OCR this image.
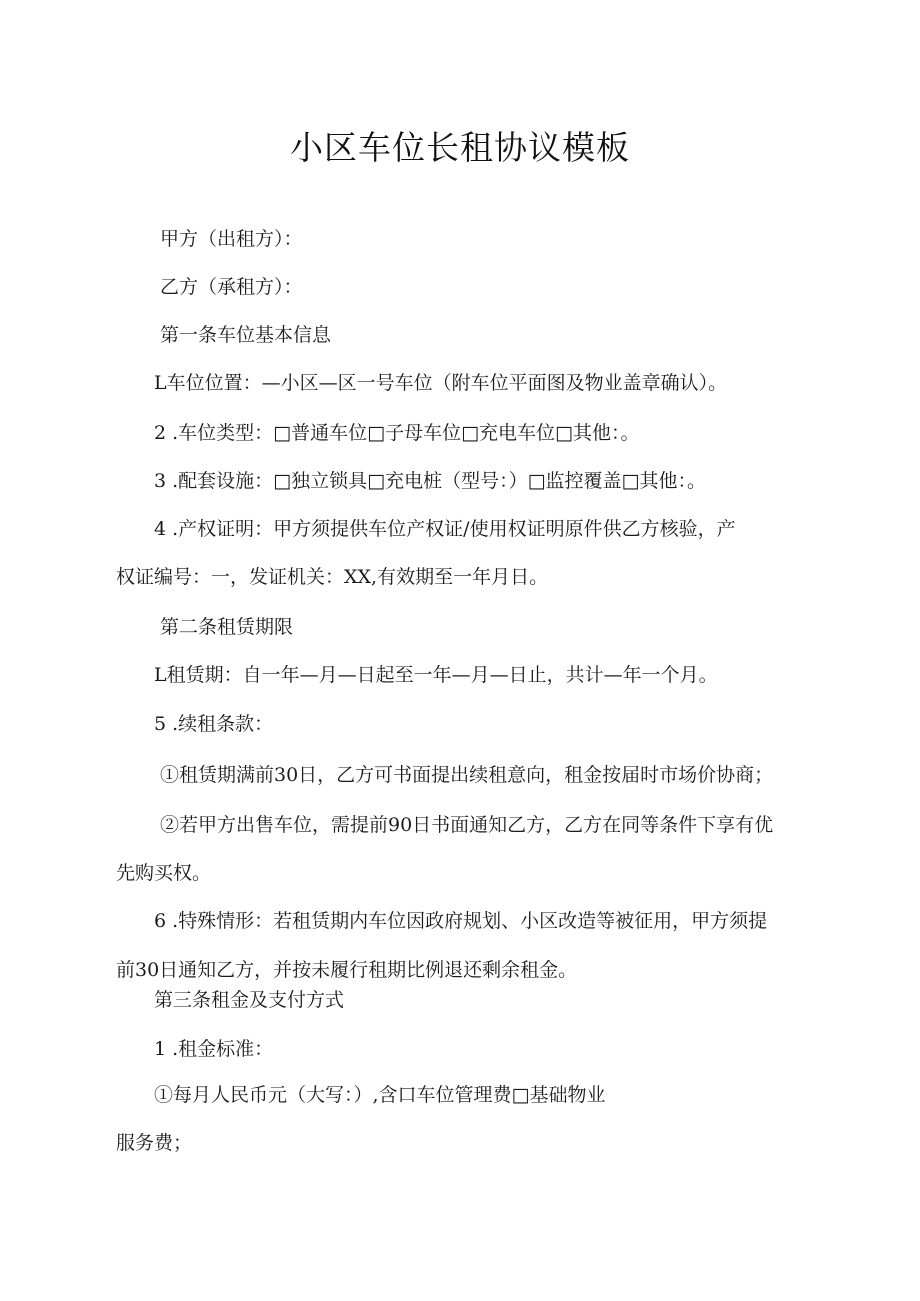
小区车位长租协议模板
甲方（出租方）：
乙方（承租方）：
第一条车位基本信息
L车位位置：—小区—区一号车位（附车位平面图及物业盖章确认）。
2 .车位类型：□普通车位□子母车位□充电车位□其他：。
3 .配套设施：□独立锁具□充电桩（型号：）□监控覆盖□其他：。
4 .产权证明：甲方须提供车位产权证/使用权证明原件供乙方核验，产
权证编号：一，发证机关：XX,有效期至一年月日。
第二条租赁期限
L租赁期：自一年—月—日起至一年—月—日止，共计—年一个月。
5 .续租条款：
①租赁期满前30日，乙方可书面提出续租意向，租金按届时市场价协商；
②若甲方出售车位，需提前90日书面通知乙方，乙方在同等条件下享有优
先购买权。
6 .特殊情形：若租赁期内车位因政府规划、小区改造等被征用，甲方须提
前30日通知乙方，并按未履行租期比例退还剩余租金。
第三条租金及支付方式
1 .租金标准：
①每月人民币元（大写：）,含口车位管理费□基础物业
服务费；
